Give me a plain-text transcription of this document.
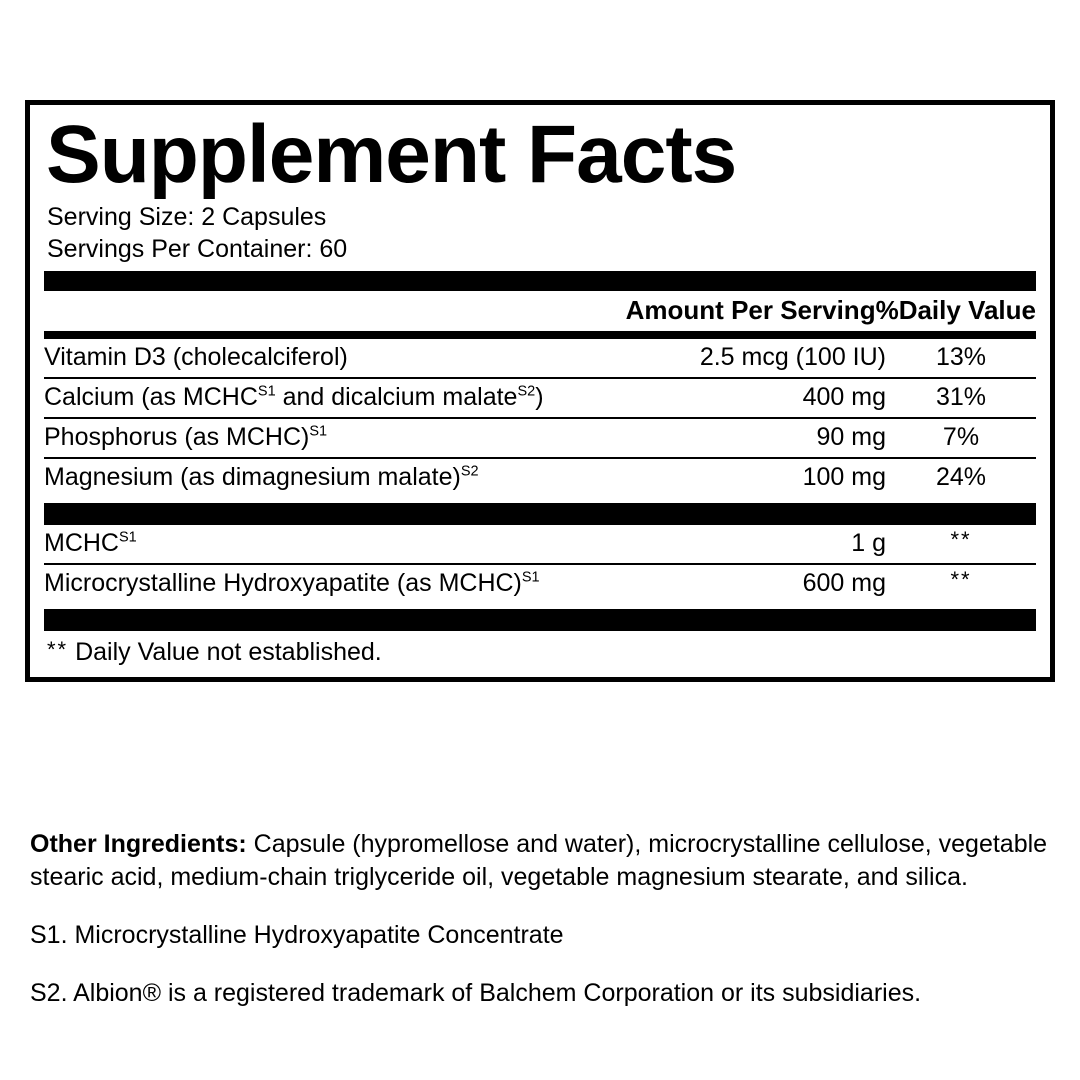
Supplement Facts
Serving Size: 2 Capsules
Servings Per Container: 60
	Amount Per Serving	%Daily Value
Vitamin D3 (cholecalciferol)	2.5 mcg (100 IU)	13%
Calcium (as $MCHC^{S1}$ and dicalcium malate$^{S2}$)	400 mg	31%
Phosphorus (as MCHC)$^{S1}$	90 mg	7%
Magnesium (as dimagnesium malate)$^{S2}$	100 mg	24%
$MCHC^{S1}$	1 g	**
Microcrystalline Hydroxyapatite (as MCHC)$^{S1}$	600 mg	**
** Daily Value not established.

Other Ingredients: Capsule (hypromellose and water), microcrystalline cellulose, vegetable stearic acid, medium-chain triglyceride oil, vegetable magnesium stearate, and silica.

S1. Microcrystalline Hydroxyapatite Concentrate

S2. Albion® is a registered trademark of Balchem Corporation or its subsidiaries.
